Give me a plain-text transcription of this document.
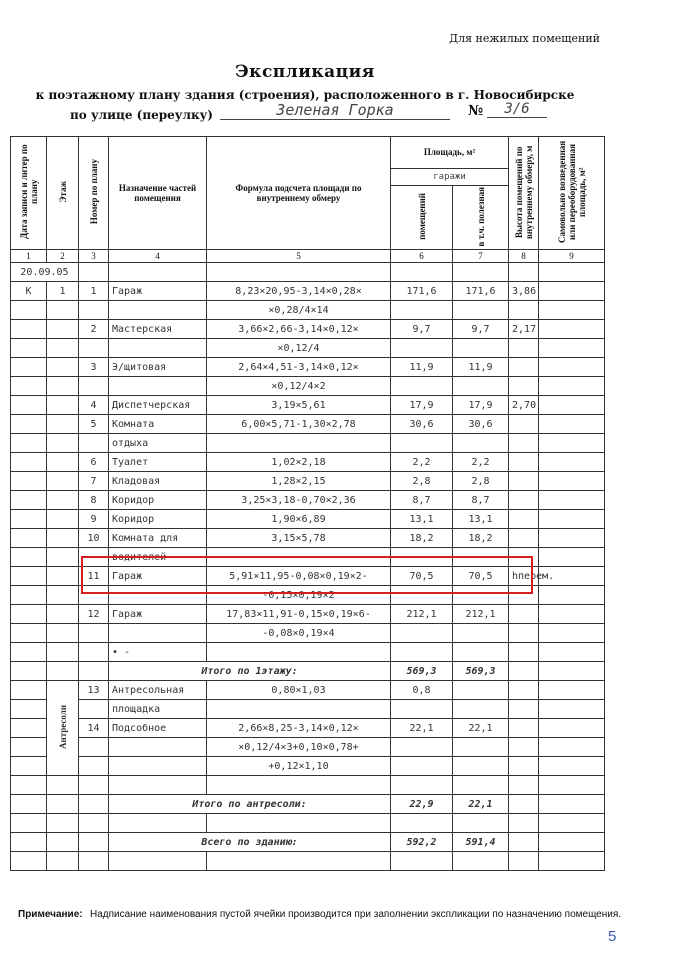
Для нежилых помещений
Экспликация
к поэтажному плану здания (строения), расположенного в г. Новосибирске
по улице (переулку)	Зеленая Горка	№	3/6
Дата записи и литер по плану	Этаж	Номер по плану	Назначение частей помещения	Формула подсчета площади по внутреннему обмеру	Площадь, м²		Высота помещений по внутреннему обмеру, м	Самовольно возведенная или переоборудованная площадь, м²
					гаражи			
					помещений	в т.ч. полезная		
1	2	3	4	5	6	7	8	9
20.09.05								
К	1	1	Гараж	8,23×20,95-3,14×0,28×	171,6	171,6	3,86	
				×0,28/4×14				
		2	Мастерская	3,66×2,66-3,14×0,12×	9,7	9,7	2,17	
				×0,12/4				
		3	Э/щитовая	2,64×4,51-3,14×0,12×	11,9	11,9		
				×0,12/4×2				
		4	Диспетчерская	3,19×5,61	17,9	17,9	2,70	
		5	Комната	6,00×5,71-1,30×2,78	30,6	30,6		
			отдыха					
		6	Туалет	1,02×2,18	2,2	2,2		
		7	Кладовая	1,28×2,15	2,8	2,8		
		8	Коридор	3,25×3,18-0,70×2,36	8,7	8,7		
		9	Коридор	1,90×6,89	13,1	13,1		
		10	Комната для	3,15×5,78	18,2	18,2		
			водителей					
		11	Гараж	5,91×11,95-0,08×0,19×2-	70,5	70,5	hперем.	
				-0,15×0,19×2				
		12	Гараж	17,83×11,91-0,15×0,19×6-	212,1	212,1		
				-0,08×0,19×4				
			• -					
			Итого по 1этажу:		569,3	569,3		
	Антресоли	13	Антресольная	0,80×1,03	0,8			
			площадка					
		14	Подсобное	2,66×8,25-3,14×0,12×	22,1	22,1		
				×0,12/4×3+0,10×0,78+				
				+0,12×1,10				

			Итого по антресоли:		22,9	22,1		

			Всего по зданию:		592,2	591,4		

Примечание: Надписание наименования пустой ячейки производится при заполнении экспликации по назначению помещения.
5
